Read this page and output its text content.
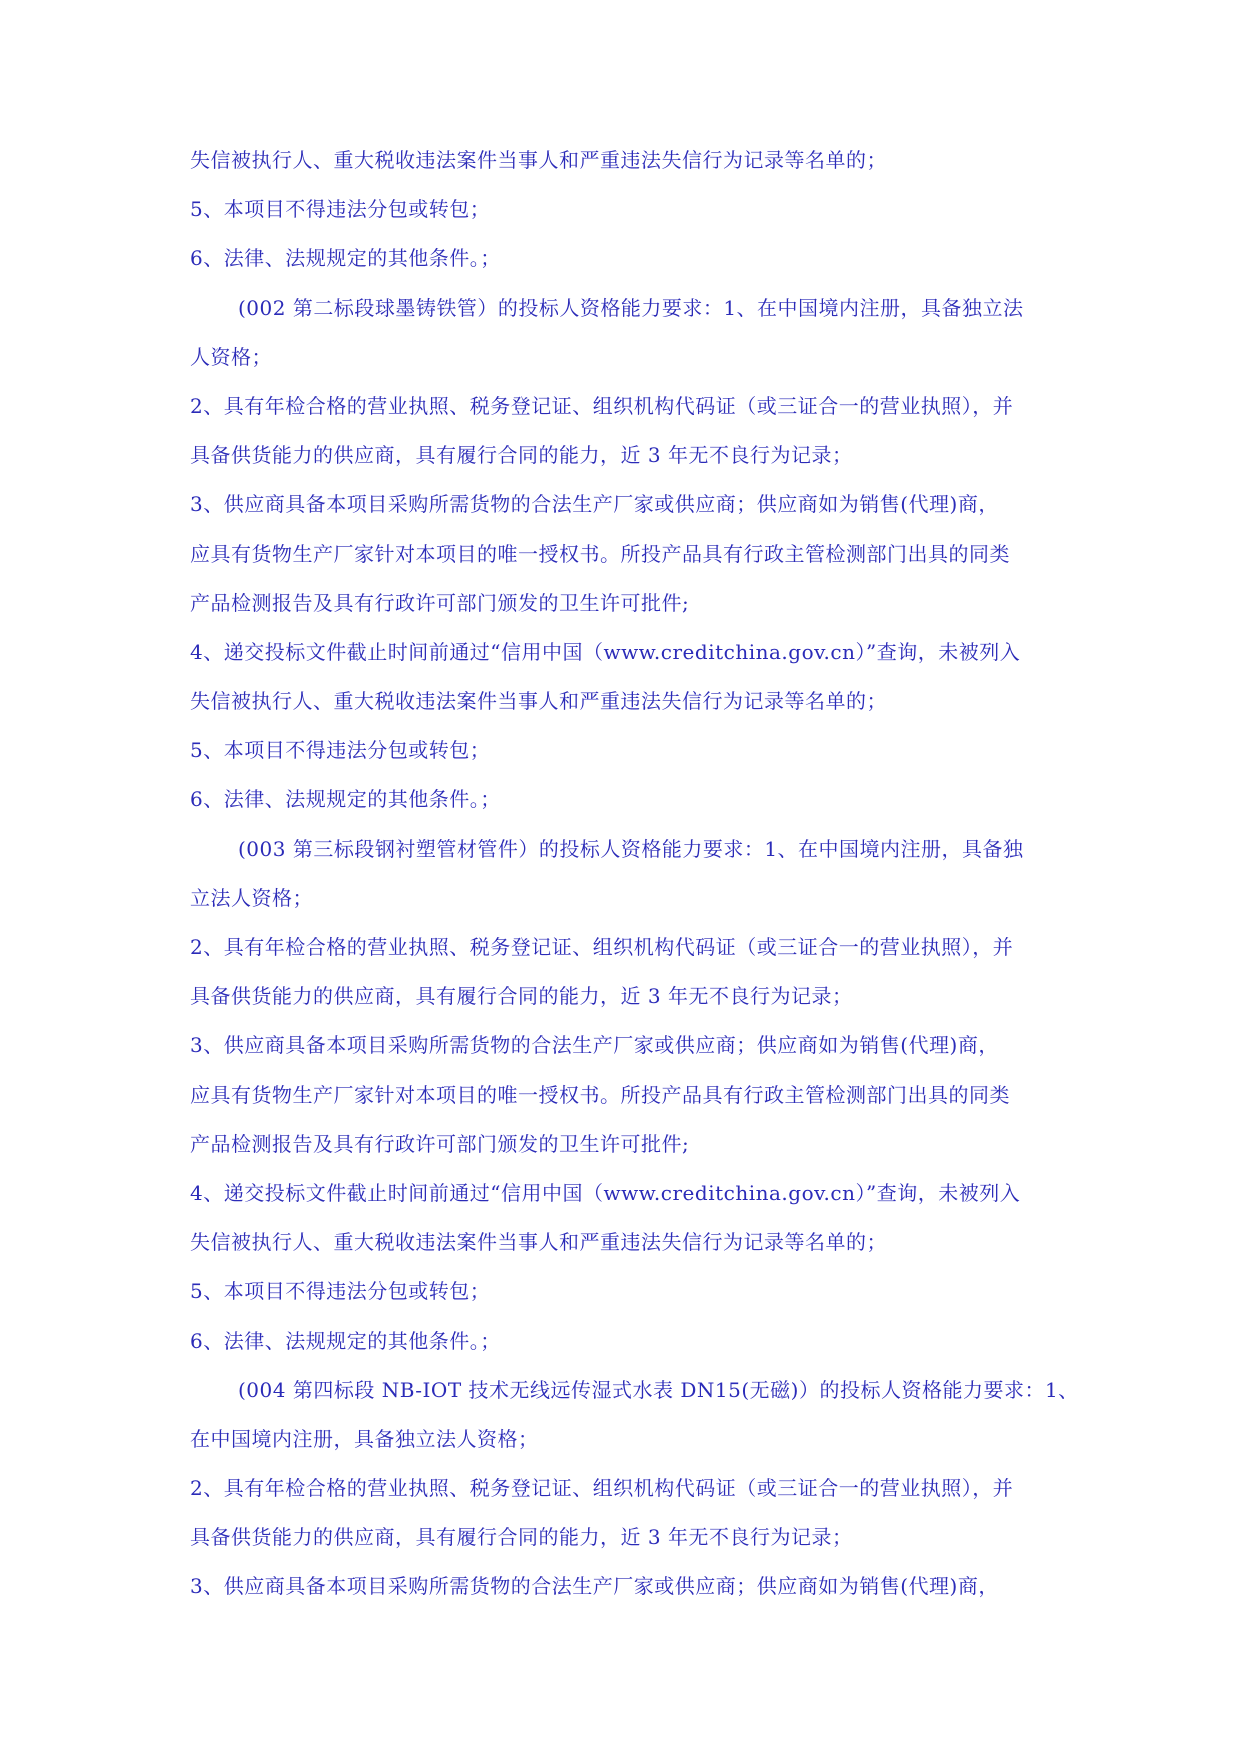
失信被执行人、重大税收违法案件当事人和严重违法失信行为记录等名单的；
5、本项目不得违法分包或转包；
6、法律、法规规定的其他条件。；
(002 第二标段球墨铸铁管）的投标人资格能力要求：1、在中国境内注册，具备独立法
人资格；
2、具有年检合格的营业执照、税务登记证、组织机构代码证（或三证合一的营业执照），并
具备供货能力的供应商，具有履行合同的能力，近 3 年无不良行为记录；
3、供应商具备本项目采购所需货物的合法生产厂家或供应商；供应商如为销售(代理)商，
应具有货物生产厂家针对本项目的唯一授权书。所投产品具有行政主管检测部门出具的同类
产品检测报告及具有行政许可部门颁发的卫生许可批件;
4、递交投标文件截止时间前通过“信用中国（www.creditchina.gov.cn）”查询，未被列入
失信被执行人、重大税收违法案件当事人和严重违法失信行为记录等名单的；
5、本项目不得违法分包或转包；
6、法律、法规规定的其他条件。；
(003 第三标段钢衬塑管材管件）的投标人资格能力要求：1、在中国境内注册，具备独
立法人资格；
2、具有年检合格的营业执照、税务登记证、组织机构代码证（或三证合一的营业执照），并
具备供货能力的供应商，具有履行合同的能力，近 3 年无不良行为记录；
3、供应商具备本项目采购所需货物的合法生产厂家或供应商；供应商如为销售(代理)商，
应具有货物生产厂家针对本项目的唯一授权书。所投产品具有行政主管检测部门出具的同类
产品检测报告及具有行政许可部门颁发的卫生许可批件;
4、递交投标文件截止时间前通过“信用中国（www.creditchina.gov.cn）”查询，未被列入
失信被执行人、重大税收违法案件当事人和严重违法失信行为记录等名单的；
5、本项目不得违法分包或转包；
6、法律、法规规定的其他条件。；
(004 第四标段 NB-IOT 技术无线远传湿式水表 DN15(无磁)）的投标人资格能力要求：1、
在中国境内注册，具备独立法人资格；
2、具有年检合格的营业执照、税务登记证、组织机构代码证（或三证合一的营业执照），并
具备供货能力的供应商，具有履行合同的能力，近 3 年无不良行为记录；
3、供应商具备本项目采购所需货物的合法生产厂家或供应商；供应商如为销售(代理)商，
